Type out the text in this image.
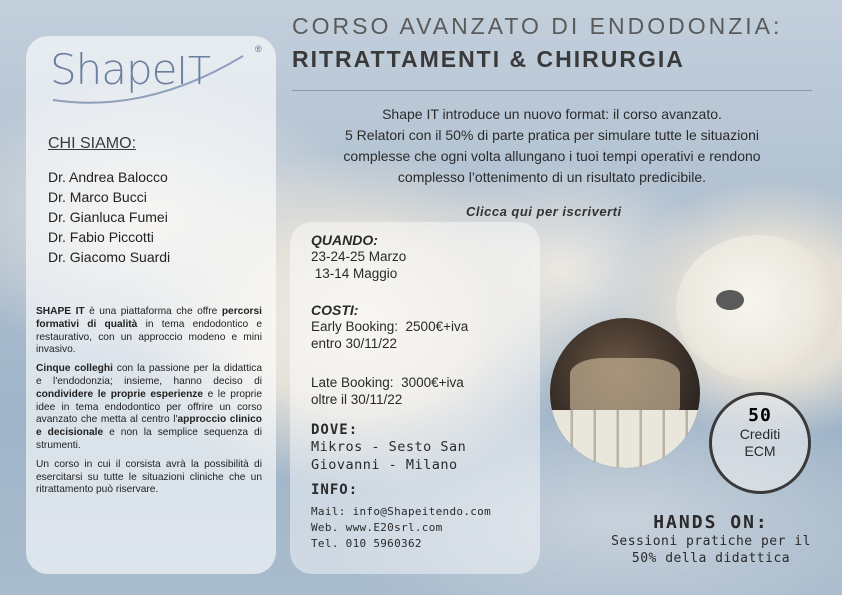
ShapeIT	®
CHI SIAMO:
Dr. Andrea Balocco
Dr. Marco Bucci
Dr. Gianluca Fumei
Dr. Fabio Piccotti
Dr. Giacomo Suardi

SHAPE IT è una piattaforma che offre percorsi formativi di qualità in tema endodontico e restaurativo, con un approccio modeno e mini invasivo.

Cinque colleghi con la passione per la didattica e l'endodonzia; insieme, hanno deciso di condividere le proprie esperienze e le proprie idee in tema endodontico per offrire un corso avanzato che metta al centro l'approccio clinico e decisionale e non la semplice sequenza di strumenti.

Un corso in cui il corsista avrà la possibilità di esercitarsi su tutte le situazioni cliniche che un ritrattamento può riservare.

CORSO AVANZATO DI ENDODONZIA:
RITRATTAMENTI & CHIRURGIA
Shape IT introduce un nuovo format: il corso avanzato.
5 Relatori con il 50% di parte pratica per simulare tutte le situazioni
complesse che ogni volta allungano i tuoi tempi operativi e rendono
complesso l’ottenimento di un risultato predicibile.
Clicca qui per iscriverti
QUANDO:
23-24-25 Marzo
13-14 Maggio
COSTI:
Early Booking:  2500€+iva
entro 30/11/22
Late Booking:  3000€+iva
oltre il 30/11/22
DOVE:
Mikros - Sesto San
Giovanni - Milano
INFO:
Mail: info@Shapeitendo.com
Web. www.E20srl.com
Tel. 010 5960362
50
Crediti
ECM
HANDS ON:
Sessioni pratiche per il
50% della didattica
